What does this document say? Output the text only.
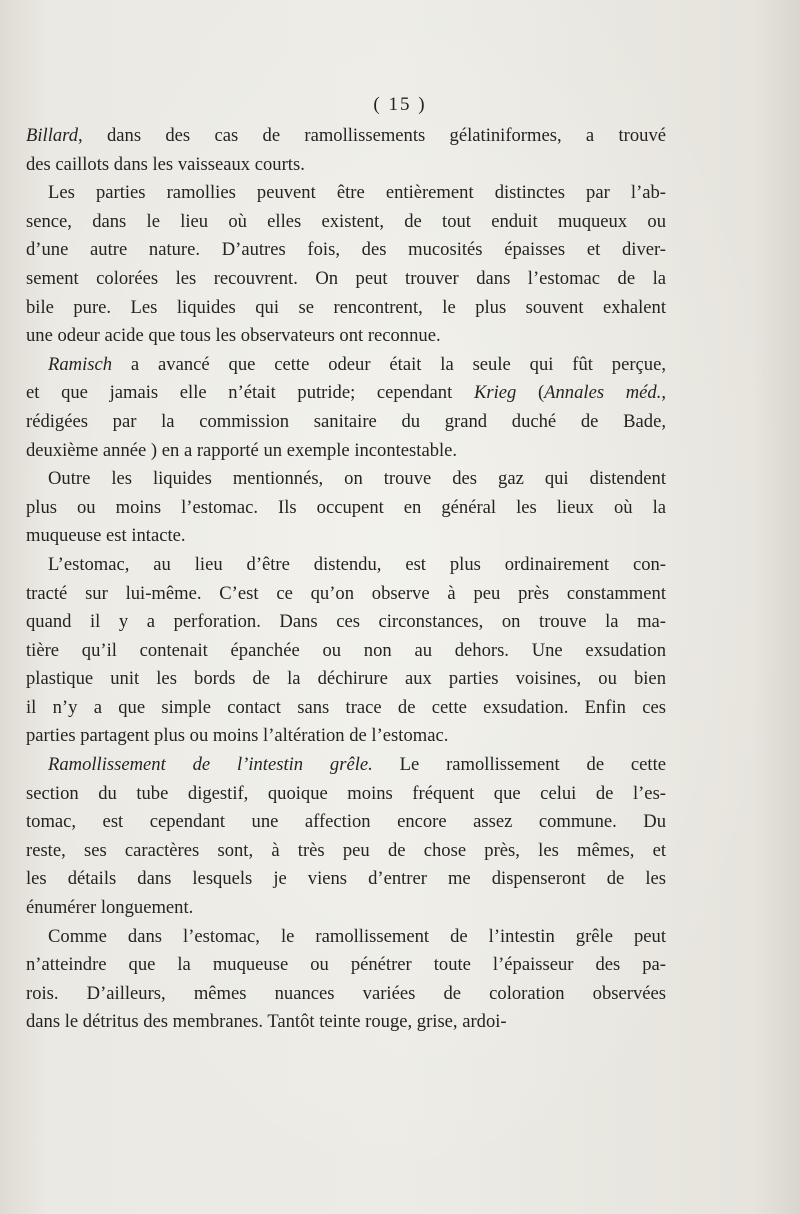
( 15 )
Billard, dans des cas de ramollissements gélatiniformes, a trouvé
des caillots dans les vaisseaux courts.
Les parties ramollies peuvent être entièrement distinctes par l’ab-
sence, dans le lieu où elles existent, de tout enduit muqueux ou
d’une autre nature. D’autres fois, des mucosités épaisses et diver-
sement colorées les recouvrent. On peut trouver dans l’estomac de la
bile pure. Les liquides qui se rencontrent, le plus souvent exhalent
une odeur acide que tous les observateurs ont reconnue.
Ramisch a avancé que cette odeur était la seule qui fût perçue,
et que jamais elle n’était putride; cependant Krieg (Annales méd.,
rédigées par la commission sanitaire du grand duché de Bade,
deuxième année ) en a rapporté un exemple incontestable.
Outre les liquides mentionnés, on trouve des gaz qui distendent
plus ou moins l’estomac. Ils occupent en général les lieux où la
muqueuse est intacte.
L’estomac, au lieu d’être distendu, est plus ordinairement con-
tracté sur lui-même. C’est ce qu’on observe à peu près constamment
quand il y a perforation. Dans ces circonstances, on trouve la ma-
tière qu’il contenait épanchée ou non au dehors. Une exsudation
plastique unit les bords de la déchirure aux parties voisines, ou bien
il n’y a que simple contact sans trace de cette exsudation. Enfin ces
parties partagent plus ou moins l’altération de l’estomac.
Ramollissement de l’intestin grêle. Le ramollissement de cette
section du tube digestif, quoique moins fréquent que celui de l’es-
tomac, est cependant une affection encore assez commune. Du
reste, ses caractères sont, à très peu de chose près, les mêmes, et
les détails dans lesquels je viens d’entrer me dispenseront de les
énumérer longuement.
Comme dans l’estomac, le ramollissement de l’intestin grêle peut
n’atteindre que la muqueuse ou pénétrer toute l’épaisseur des pa-
rois. D’ailleurs, mêmes nuances variées de coloration observées
dans le détritus des membranes. Tantôt teinte rouge, grise, ardoi-
